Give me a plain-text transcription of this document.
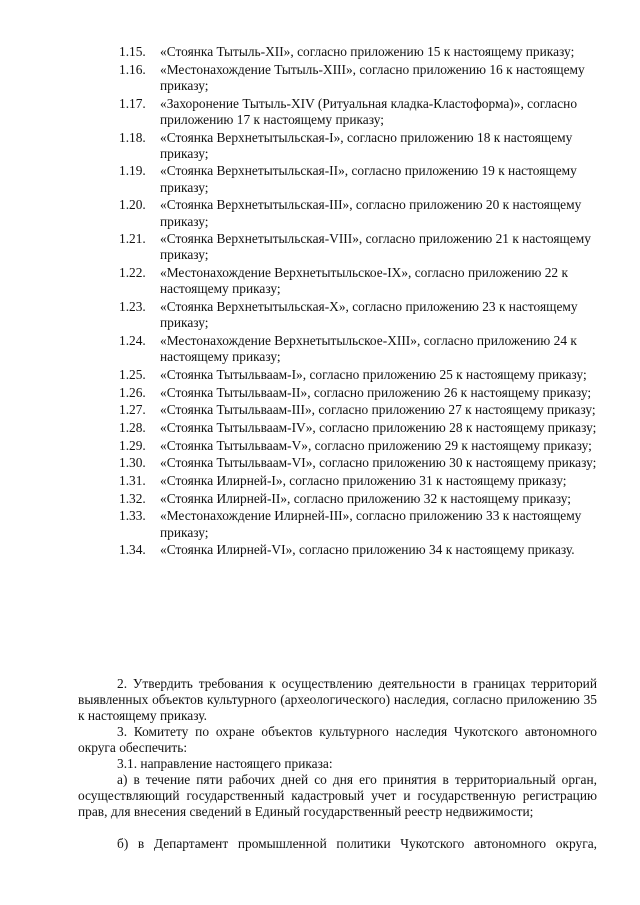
1.15.	«Стоянка Тытыль-XII», согласно приложению 15 к настоящему приказу;
1.16.	«Местонахождение Тытыль-XIII», согласно приложению 16 к настоящему приказу;
1.17.	«Захоронение Тытыль-XIV (Ритуальная кладка-Кластоформа)», согласно приложению 17 к настоящему приказу;
1.18.	«Стоянка Верхнетытыльская-I», согласно приложению 18 к настоящему приказу;
1.19.	«Стоянка Верхнетытыльская-II», согласно приложению 19 к настоящему приказу;
1.20.	«Стоянка Верхнетытыльская-III», согласно приложению 20 к настоящему приказу;
1.21.	«Стоянка Верхнетытыльская-VIII», согласно приложению 21 к настоящему приказу;
1.22.	«Местонахождение Верхнетытыльское-IX», согласно приложению 22 к настоящему приказу;
1.23.	«Стоянка Верхнетытыльская-X», согласно приложению 23 к настоящему приказу;
1.24.	«Местонахождение Верхнетытыльское-XIII», согласно приложению 24 к настоящему приказу;
1.25.	«Стоянка Тытыльваам-I», согласно приложению 25 к настоящему приказу;
1.26.	«Стоянка Тытыльваам-II», согласно приложению 26 к настоящему приказу;
1.27.	«Стоянка Тытыльваам-III», согласно приложению 27 к настоящему приказу;
1.28.	«Стоянка Тытыльваам-IV», согласно приложению 28 к настоящему приказу;
1.29.	«Стоянка Тытыльваам-V», согласно приложению 29 к настоящему приказу;
1.30.	«Стоянка Тытыльваам-VI», согласно приложению 30 к настоящему приказу;
1.31.	«Стоянка Илирней-I», согласно приложению 31 к настоящему приказу;
1.32.	«Стоянка Илирней-II», согласно приложению 32 к настоящему приказу;
1.33.	«Местонахождение Илирней-III», согласно приложению 33 к настоящему приказу;
1.34.	«Стоянка Илирней-VI», согласно приложению 34 к настоящему приказу.
2. Утвердить требования к осуществлению деятельности в границах территорий выявленных объектов культурного (археологического) наследия, согласно приложению 35 к настоящему приказу.
3. Комитету по охране объектов культурного наследия Чукотского автономного округа обеспечить:
3.1. направление настоящего приказа:
а) в течение пяти рабочих дней со дня его принятия в территориальный орган, осуществляющий государственный кадастровый учет и государственную регистрацию прав, для внесения сведений в Единый государственный реестр недвижимости;
б) в Департамент промышленной политики Чукотского автономного округа,
